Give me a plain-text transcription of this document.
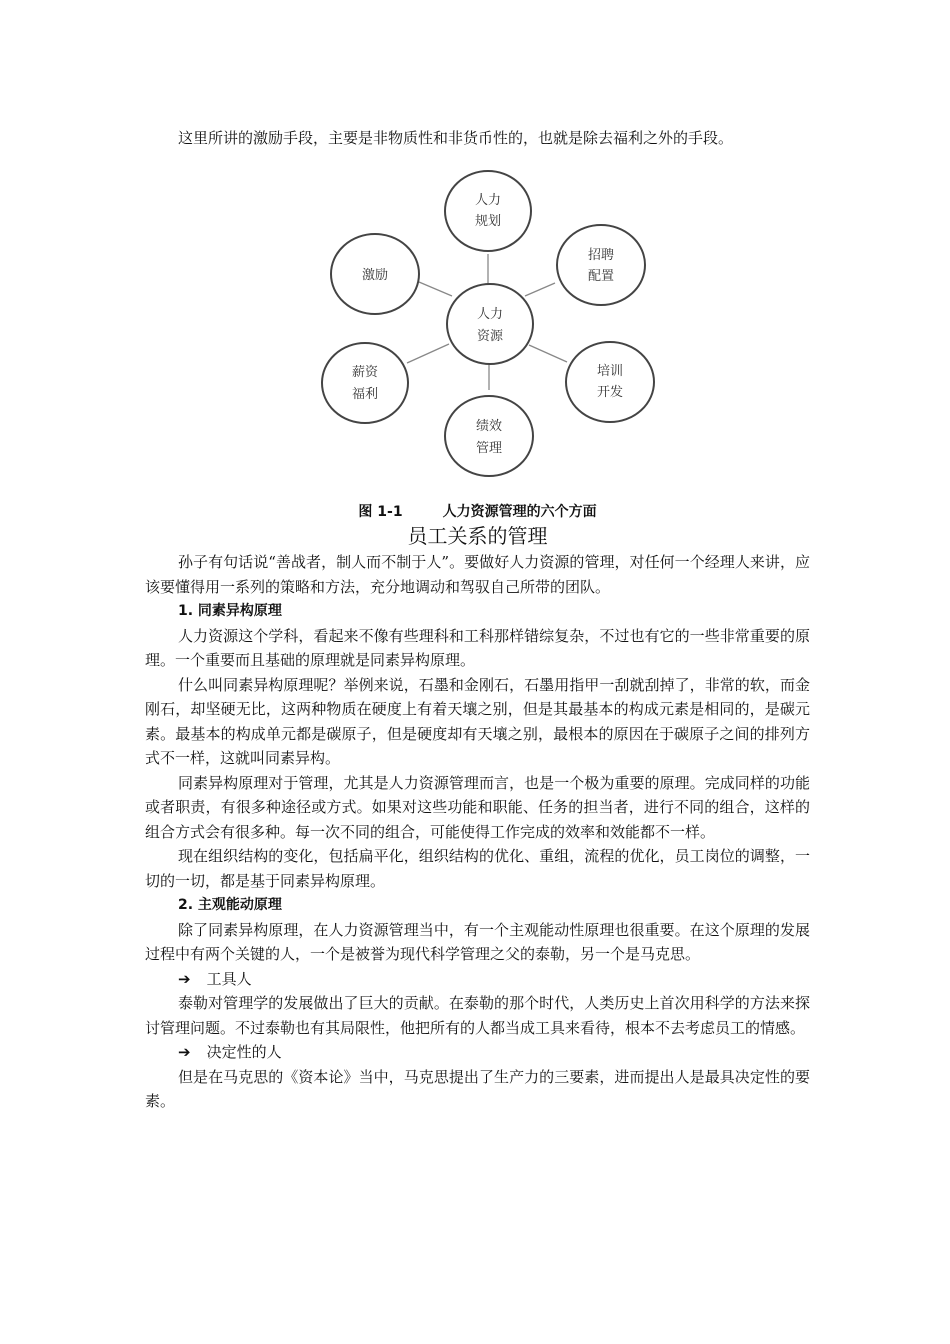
这里所讲的激励手段，主要是非物质性和非货币性的，也就是除去福利之外的手段。
人力
资源
人力
规划
招聘
配置
培训
开发
绩效
管理
薪资
福利
激励
图 1-1	人力资源管理的六个方面
员工关系的管理

孙子有句话说“善战者，制人而不制于人”。要做好人力资源的管理，对任何一个经理人来讲，应该要懂得用一系列的策略和方法，充分地调动和驾驭自己所带的团队。

1. 同素异构原理

人力资源这个学科，看起来不像有些理科和工科那样错综复杂，不过也有它的一些非常重要的原理。一个重要而且基础的原理就是同素异构原理。

什么叫同素异构原理呢？举例来说，石墨和金刚石，石墨用指甲一刮就刮掉了，非常的软，而金刚石，却坚硬无比，这两种物质在硬度上有着天壤之别，但是其最基本的构成元素是相同的，是碳元素。最基本的构成单元都是碳原子，但是硬度却有天壤之别，最根本的原因在于碳原子之间的排列方式不一样，这就叫同素异构。

同素异构原理对于管理，尤其是人力资源管理而言，也是一个极为重要的原理。完成同样的功能或者职责，有很多种途径或方式。如果对这些功能和职能、任务的担当者，进行不同的组合，这样的组合方式会有很多种。每一次不同的组合，可能使得工作完成的效率和效能都不一样。

现在组织结构的变化，包括扁平化，组织结构的优化、重组，流程的优化，员工岗位的调整，一切的一切，都是基于同素异构原理。

2. 主观能动原理

除了同素异构原理，在人力资源管理当中，有一个主观能动性原理也很重要。在这个原理的发展过程中有两个关键的人，一个是被誉为现代科学管理之父的泰勒，另一个是马克思。

➔ 工具人

泰勒对管理学的发展做出了巨大的贡献。在泰勒的那个时代，人类历史上首次用科学的方法来探讨管理问题。不过泰勒也有其局限性，他把所有的人都当成工具来看待，根本不去考虑员工的情感。

➔ 决定性的人

但是在马克思的《资本论》当中，马克思提出了生产力的三要素，进而提出人是最具决定性的要素。
